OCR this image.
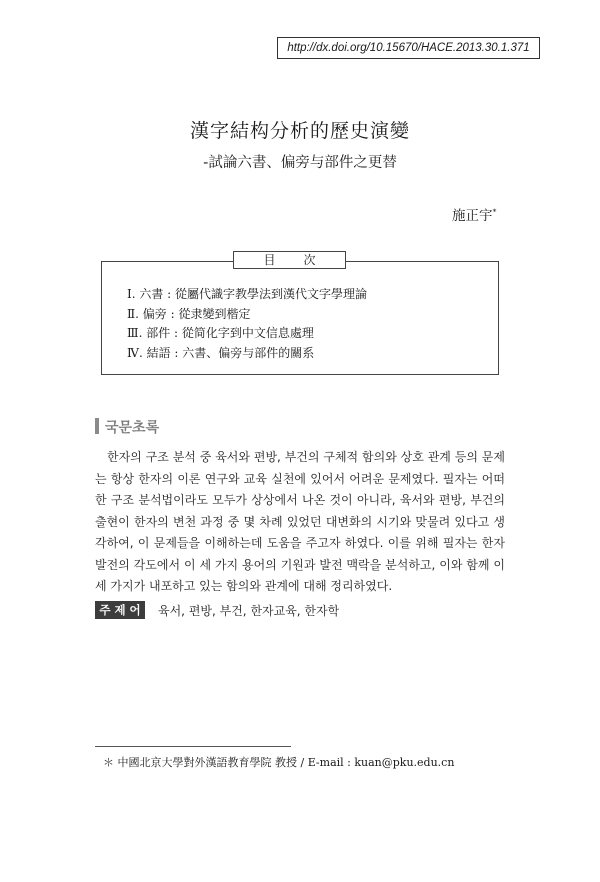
http://dx.doi.org/10.15670/HACE.2013.30.1.371
漢字結构分析的歷史演變
-試論六書、偏旁与部件之更替
施正宇*
目次
Ⅰ. 六書 : 從屬代識字教學法到漢代文字學理論
Ⅱ. 偏旁 : 從隶變到楷定
Ⅲ. 部件 : 從简化字到中文信息處理
Ⅳ. 結語 : 六書、偏旁与部件的關系
국문초록

한자의 구조 분석 중 육서와 편방, 부건의 구체적 함의와 상호 관계 등의 문제는 항상 한자의 이론 연구와 교육 실천에 있어서 어려운 문제였다. 필자는 어떠한 구조 분석법이라도 모두가 상상에서 나온 것이 아니라, 육서와 편방, 부건의 출현이 한자의 변천 과정 중 몇 차례 있었던 대변화의 시기와 맞물려 있다고 생각하여, 이 문제들을 이해하는데 도움을 주고자 하였다. 이를 위해 필자는 한자 발전의 각도에서 이 세 가지 용어의 기원과 발전 맥락을 분석하고, 이와 함께 이 세 가지가 내포하고 있는 함의와 관계에 대해 정리하였다.

주 제 어	육서, 편방, 부건, 한자교육, 한자학
＊ 中國北京大學對外漢語教育學院 教授 / E-mail : kuan@pku.edu.cn
